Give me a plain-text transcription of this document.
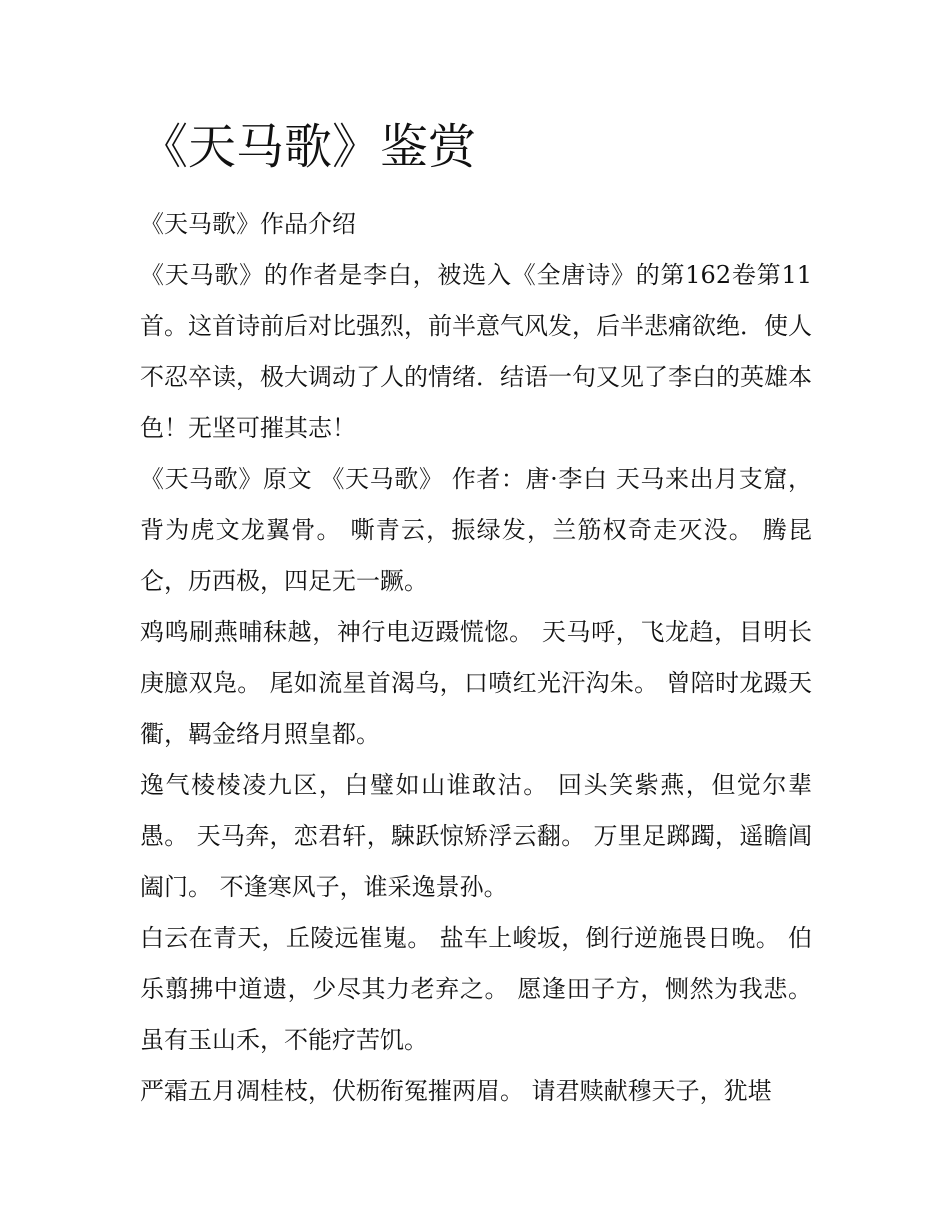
《天马歌》鉴赏

《天马歌》作品介绍

《天马歌》的作者是李白，被选入《全唐诗》的第162卷第11首。这首诗前后对比强烈，前半意气风发，后半悲痛欲绝．使人不忍卒读，极大调动了人的情绪．结语一句又见了李白的英雄本色！无坚可摧其志！

《天马歌》原文 《天马歌》 作者：唐·李白 天马来出月支窟，背为虎文龙翼骨。 嘶青云，振绿发，兰筋权奇走灭没。 腾昆仑，历西极，四足无一蹶。

鸡鸣刷燕晡秣越，神行电迈蹑慌惚。 天马呼，飞龙趋，目明长庚臆双凫。 尾如流星首渴乌，口喷红光汗沟朱。 曾陪时龙蹑天衢，羁金络月照皇都。

逸气棱棱凌九区，白璧如山谁敢沽。 回头笑紫燕，但觉尔辈愚。 天马奔，恋君轩，駷跃惊矫浮云翻。 万里足踯躅，遥瞻阊阖门。 不逢寒风子，谁采逸景孙。

白云在青天，丘陵远崔嵬。 盐车上峻坂，倒行逆施畏日晚。 伯乐翦拂中道遗，少尽其力老弃之。 愿逢田子方，恻然为我悲。 虽有玉山禾，不能疗苦饥。

严霜五月凋桂枝，伏枥衔冤摧两眉。 请君赎献穆天子，犹堪
